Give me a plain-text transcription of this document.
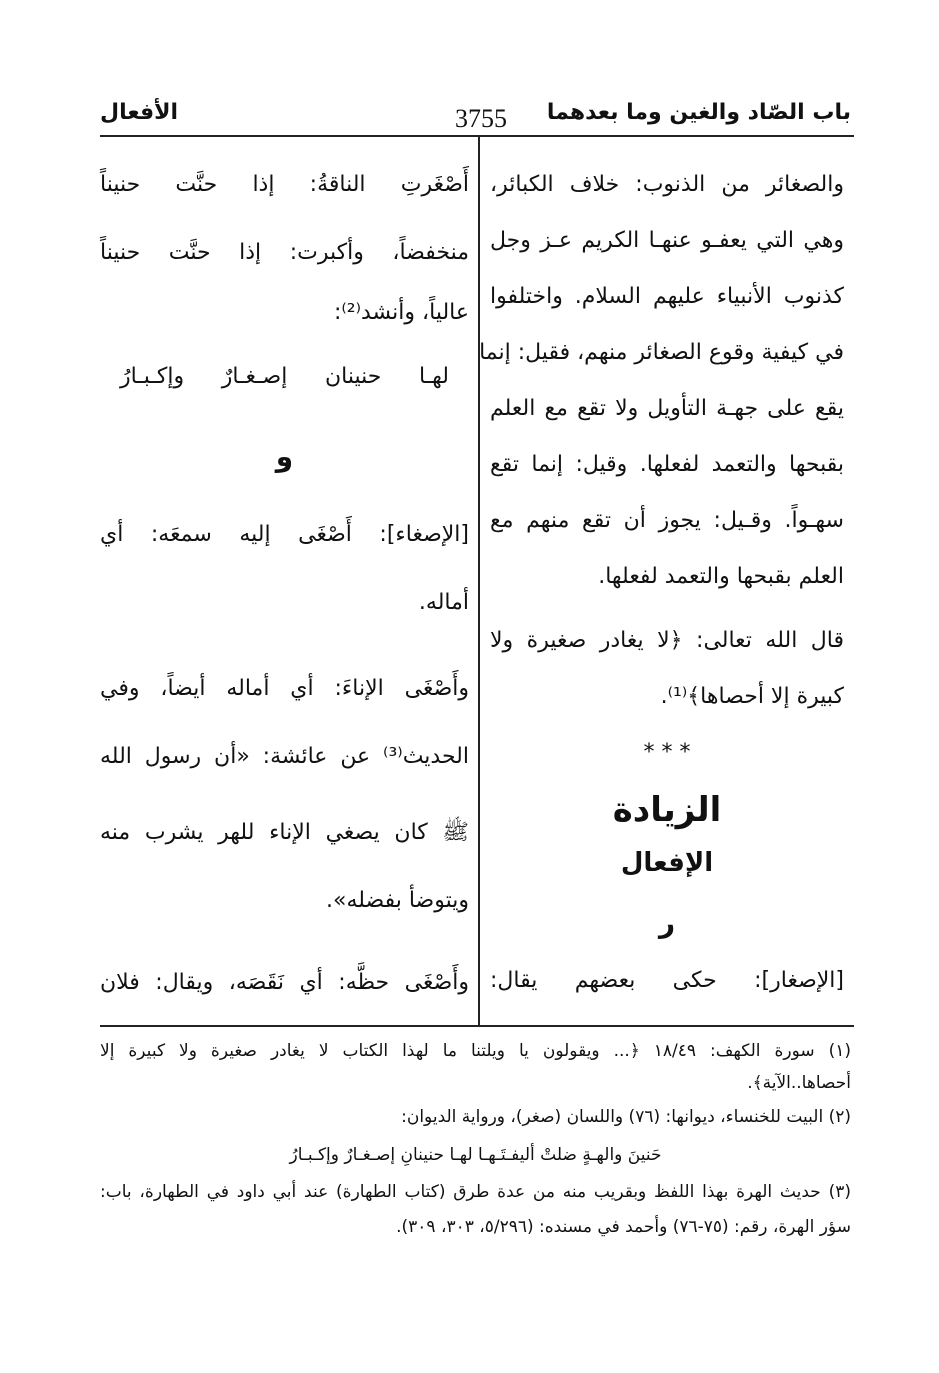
باب الصّاد والغين وما بعدهما
3755
الأفعال
والصغائر من الذنوب: خلاف الكبائر،
وهي التي يعفـو عنهـا الكريم عـز وجل
كذنوب الأنبياء عليهم السلام. واختلفوا
في كيفية وقوع الصغائر منهم، فقيل: إنما
يقع على جهـة التأويل ولا تقع مع العلم
بقبحها والتعمد لفعلها. وقيل: إنما تقع
سهـواً. وقـيل: يجوز أن تقع منهم مع
العلم بقبحها والتعمد لفعلها.
قال الله تعالى: ﴿لا يغادر صغيرة ولا
كبيرة إلا أحصاها﴾⁽¹⁾.
* * *
الزيادة
الإفعال
ر
[الإصغار]: حكى بعضهم يقال:
أَصْغَرتِ الناقةُ: إذا حنَّت حنيناً
منخفضاً، وأكبرت: إذا حنَّت حنيناً
عالياً، وأنشد⁽²⁾:
لهـا حنينان إصـغـارٌ وإكـبـارُ
و
[الإصغاء]: أَصْغَى إليه سمعَه: أي
أماله.
وأَصْغَى الإناءَ: أي أماله أيضاً، وفي
الحديث⁽³⁾ عن عائشة: «أن رسول الله
ﷺ كان يصغي الإناء للهر يشرب منه
ويتوضأ بفضله».
وأَصْغَى حظَّه: أي نَقَصَه، ويقال: فلان
(١) سورة الكهف: ١٨/٤٩ ﴿... ويقولون يا ويلتنا ما لهذا الكتاب لا يغادر صغيرة ولا كبيرة إلا
أحصاها..الآية﴾.
(٢) البيت للخنساء، ديوانها: (٧٦) واللسان (صغر)، ورواية الديوان:
حَنينَ والهـةٍ ضلتْ أليفـتَـهـا لهـا حنينانِ إصـغـارٌ وإكـبـارُ
(٣) حديث الهرة بهذا اللفظ وبقريب منه من عدة طرق (كتاب الطهارة) عند أبي داود في الطهارة، باب:
سؤر الهرة، رقم: (٧٥-٧٦) وأحمد في مسنده: (٥/٢٩٦، ٣٠٣، ٣٠٩).
